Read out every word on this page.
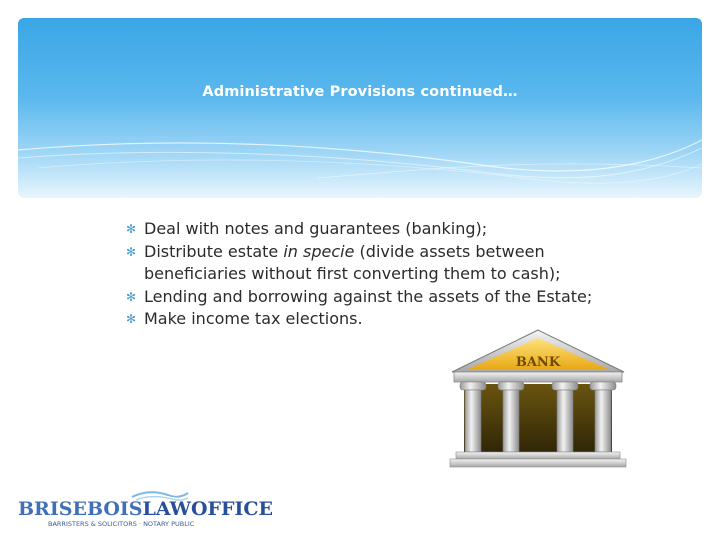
Administrative Provisions continued…
✻ Deal with notes and guarantees (banking);
✻ Distribute estate in specie (divide assets between beneficiaries without first converting them to cash);
✻ Lending and borrowing against the assets of the Estate;
✻ Make income tax elections.
BANK
BRISEBOISLAWOFFICE
BARRISTERS & SOLICITORS · NOTARY PUBLIC
